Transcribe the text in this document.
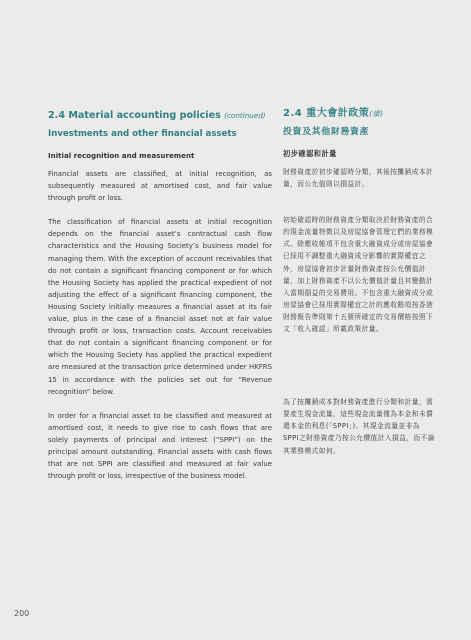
2.4 Material accounting policies (continued)
Investments and other financial assets
Initial recognition and measurement

Financial assets are classified, at initial recognition, as subsequently measured at amortised cost, and fair value through profit or loss.

The classification of financial assets at initial recognition depends on the financial asset’s contractual cash flow characteristics and the Housing Society’s business model for managing them. With the exception of account receivables that do not contain a significant financing component or for which the Housing Society has applied the practical expedient of not adjusting the effect of a significant financing component, the Housing Society initially measures a financial asset at its fair value, plus in the case of a financial asset not at fair value through profit or loss, transaction costs. Account receivables that do not contain a significant financing component or for which the Housing Society has applied the practical expedient are measured at the transaction price determined under HKFRS 15 in accordance with the policies set out for “Revenue recognition” below.

In order for a financial asset to be classified and measured at amortised cost, it needs to give rise to cash flows that are solely payments of principal and interest (“SPPI”) on the principal amount outstanding. Financial assets with cash flows that are not SPPI are classified and measured at fair value through profit or loss, irrespective of the business model.

2.4 重大會計政策(續)
投資及其他財務資產
初步確認和計量

財務資產於初步確認時分類，其後按攤銷成本計量，而公允值則以損益計。

初始確認時的財務資產分類取決於財務資產的合約現金流量特徵以及房屋協會管理它們的業務模式。除應收帳項不包含重大融資成分或房屋協會已採用不調整重大融資成分影響的實際權宜之外，房屋協會初步計量財務資產按公允價值計量，加上財務資產不以公允價值計量且其變動計入當期損益的交易費用。不包含重大融資成分或房屋協會已採用實際權宜之計的應收賬項按香港財務報告準則第十五號所確定的交易價格按照下文「收入確認」所載政策計量。

為了按攤銷成本對財務資產進行分類和計量，需要產生現金流量，這些現金流量僅為本金和未償還本金的利息(「SPPI」)。其現金流量並非為SPPI之財務資產乃按公允價值計入損益，而不論其業務模式如何。

200
